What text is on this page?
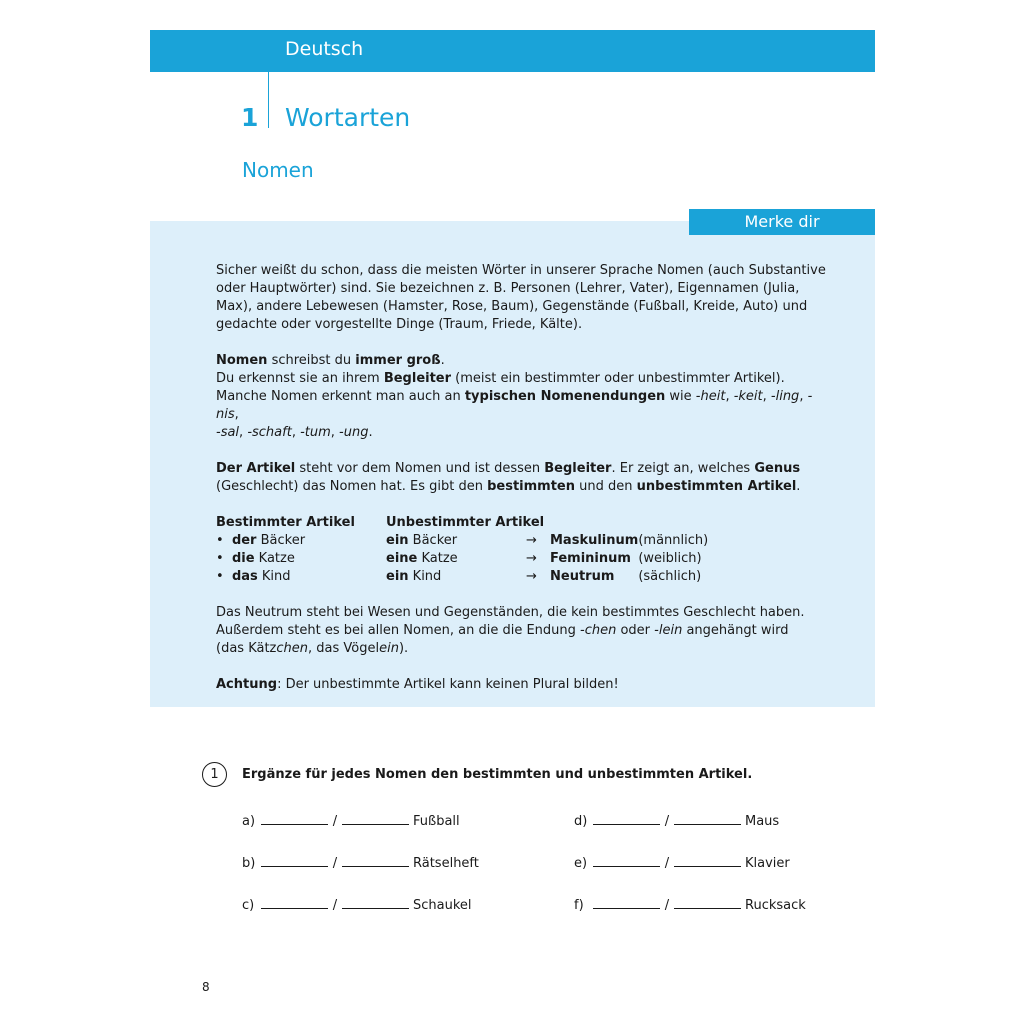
Deutsch
1 Wortarten
Nomen
Merke dir

Sicher weißt du schon, dass die meisten Wörter in unserer Sprache Nomen (auch Substantive oder Hauptwörter) sind. Sie bezeichnen z. B. Personen (Lehrer, Vater), Eigennamen (Julia, Max), andere Lebewesen (Hamster, Rose, Baum), Gegenstände (Fußball, Kreide, Auto) und gedachte oder vorgestellte Dinge (Traum, Friede, Kälte).

Nomen schreibst du immer groß.
Du erkennst sie an ihrem Begleiter (meist ein bestimmter oder unbestimmter Artikel).
Manche Nomen erkennt man auch an typischen Nomenendungen wie -heit, -keit, -ling, -nis,
-sal, -schaft, -tum, -ung.

Der Artikel steht vor dem Nomen und ist dessen Begleiter. Er zeigt an, welches Genus (Geschlecht) das Nomen hat. Es gibt den bestimmten und den unbestimmten Artikel.

Bestimmter Artikel	Unbestimmter Artikel			
•  der Bäcker	ein Bäcker	→	Maskulinum	(männlich)
•  die Katze	eine Katze	→	Femininum	(weiblich)
•  das Kind	ein Kind	→	Neutrum	(sächlich)

Das Neutrum steht bei Wesen und Gegenständen, die kein bestimmtes Geschlecht haben.
Außerdem steht es bei allen Nomen, an die die Endung -chen oder -lein angehängt wird
(das Kätzchen, das Vögelein).

Achtung: Der unbestimmte Artikel kann keinen Plural bilden!

1	Ergänze für jedes Nomen den bestimmten und unbestimmten Artikel.
a)	/	Fußball
b)	/	Rätselheft
c)	/	Schaukel
d)	/	Maus
e)	/	Klavier
f)	/	Rucksack
8
